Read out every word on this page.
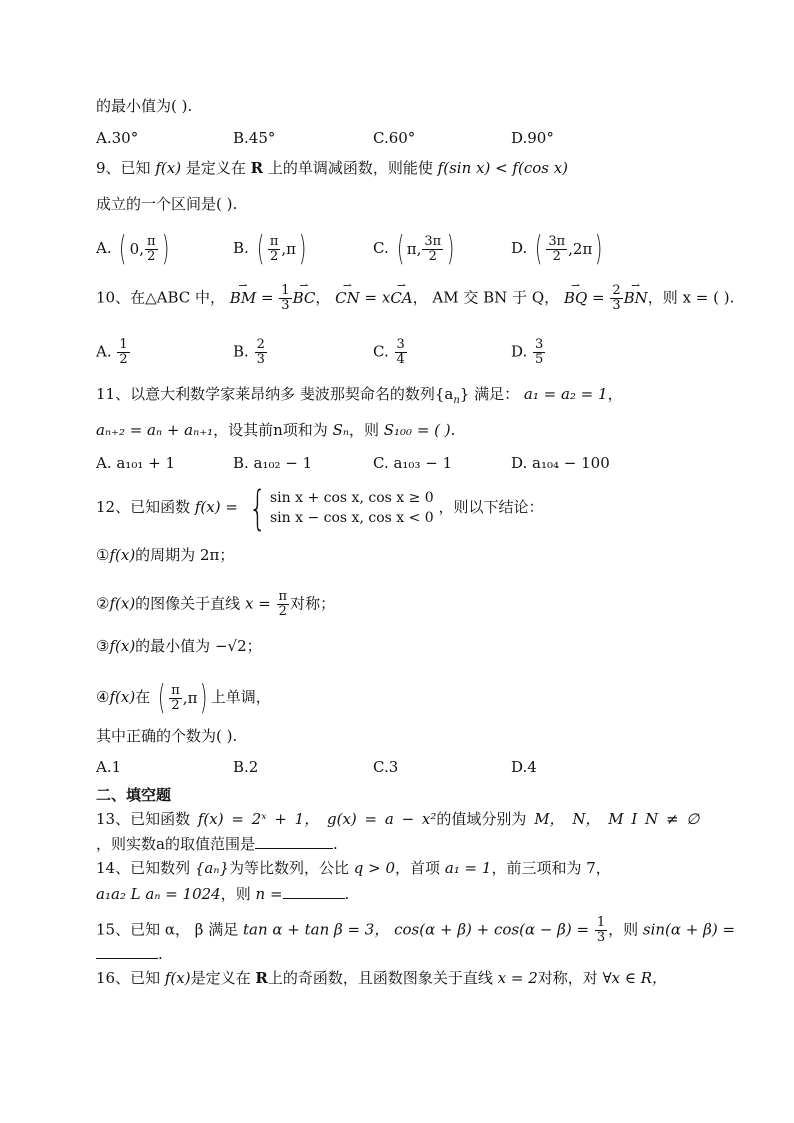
的最小值为( ).
A.30°	B.45°	C.60°	D.90°
9、已知 f(x) 是定义在 R 上的单调减函数，则能使 f(sin x) < f(cos x)
成立的一个区间是( ).
A. ( 0 , $\frac{\pi}{2}$ )	B. ( $\frac{\pi}{2}$ , π )	C. ( π , $\frac{3\pi}{2}$ )	D. ( $\frac{3\pi}{2}$ , 2π )
10、在△ABC 中， ⇀ BM = $\frac{1}{3}$ ⇀ BC， ⇀ CN = x⇀ CA， AM 交 BN 于 Q， ⇀ BQ = $\frac{2}{3}$ ⇀ BN，则 x = ( ).
A. $\frac{1}{2}$	B. $\frac{2}{3}$	C. $\frac{3}{4}$	D. $\frac{3}{5}$
11、以意大利数学家莱昂纳多 斐波那契命名的数列$\{a_n\}$ 满足： a₁ = a₂ = 1，
aₙ₊₂ = aₙ + aₙ₊₁，设其前n项和为 Sₙ，则 S₁₀₀ = ( ).
A. a₁₀₁ + 1	B. a₁₀₂ − 1	C. a₁₀₃ − 1	D. a₁₀₄ − 100
12、已知函数 f(x) = { sin x + cos x, cos x ≥ 0
sin x − cos x, cos x < 0
，则以下结论：
①f(x)的周期为 2π；
②f(x)的图像关于直线 $x = \frac{\pi}{2}$ 对称；
③f(x)的最小值为 −√2；
④f(x)在 ( $\frac{\pi}{2}$ , π ) 上单调，
其中正确的个数为( ).
A.1	B.2	C.3	D.4
二、填空题
13、已知函数 f(x) = 2ˣ + 1， g(x) = a − x²的值域分别为 M， N， M I N ≠ ∅
，则实数a的取值范围是	.
14、已知数列 {aₙ}为等比数列，公比 q > 0，首项 a₁ = 1，前三项和为 7，
a₁a₂ L aₙ = 1024，则 n =	.
15、已知 α， β 满足 tan α + tan β = 3， $\cos(\alpha + \beta) + \cos(\alpha - \beta) = \frac{1}{3}$ ，则 sin(α + β) =
.
16、已知 f(x)是定义在 R上的奇函数，且函数图象关于直线 x = 2对称，对 ∀x ∈ R，
